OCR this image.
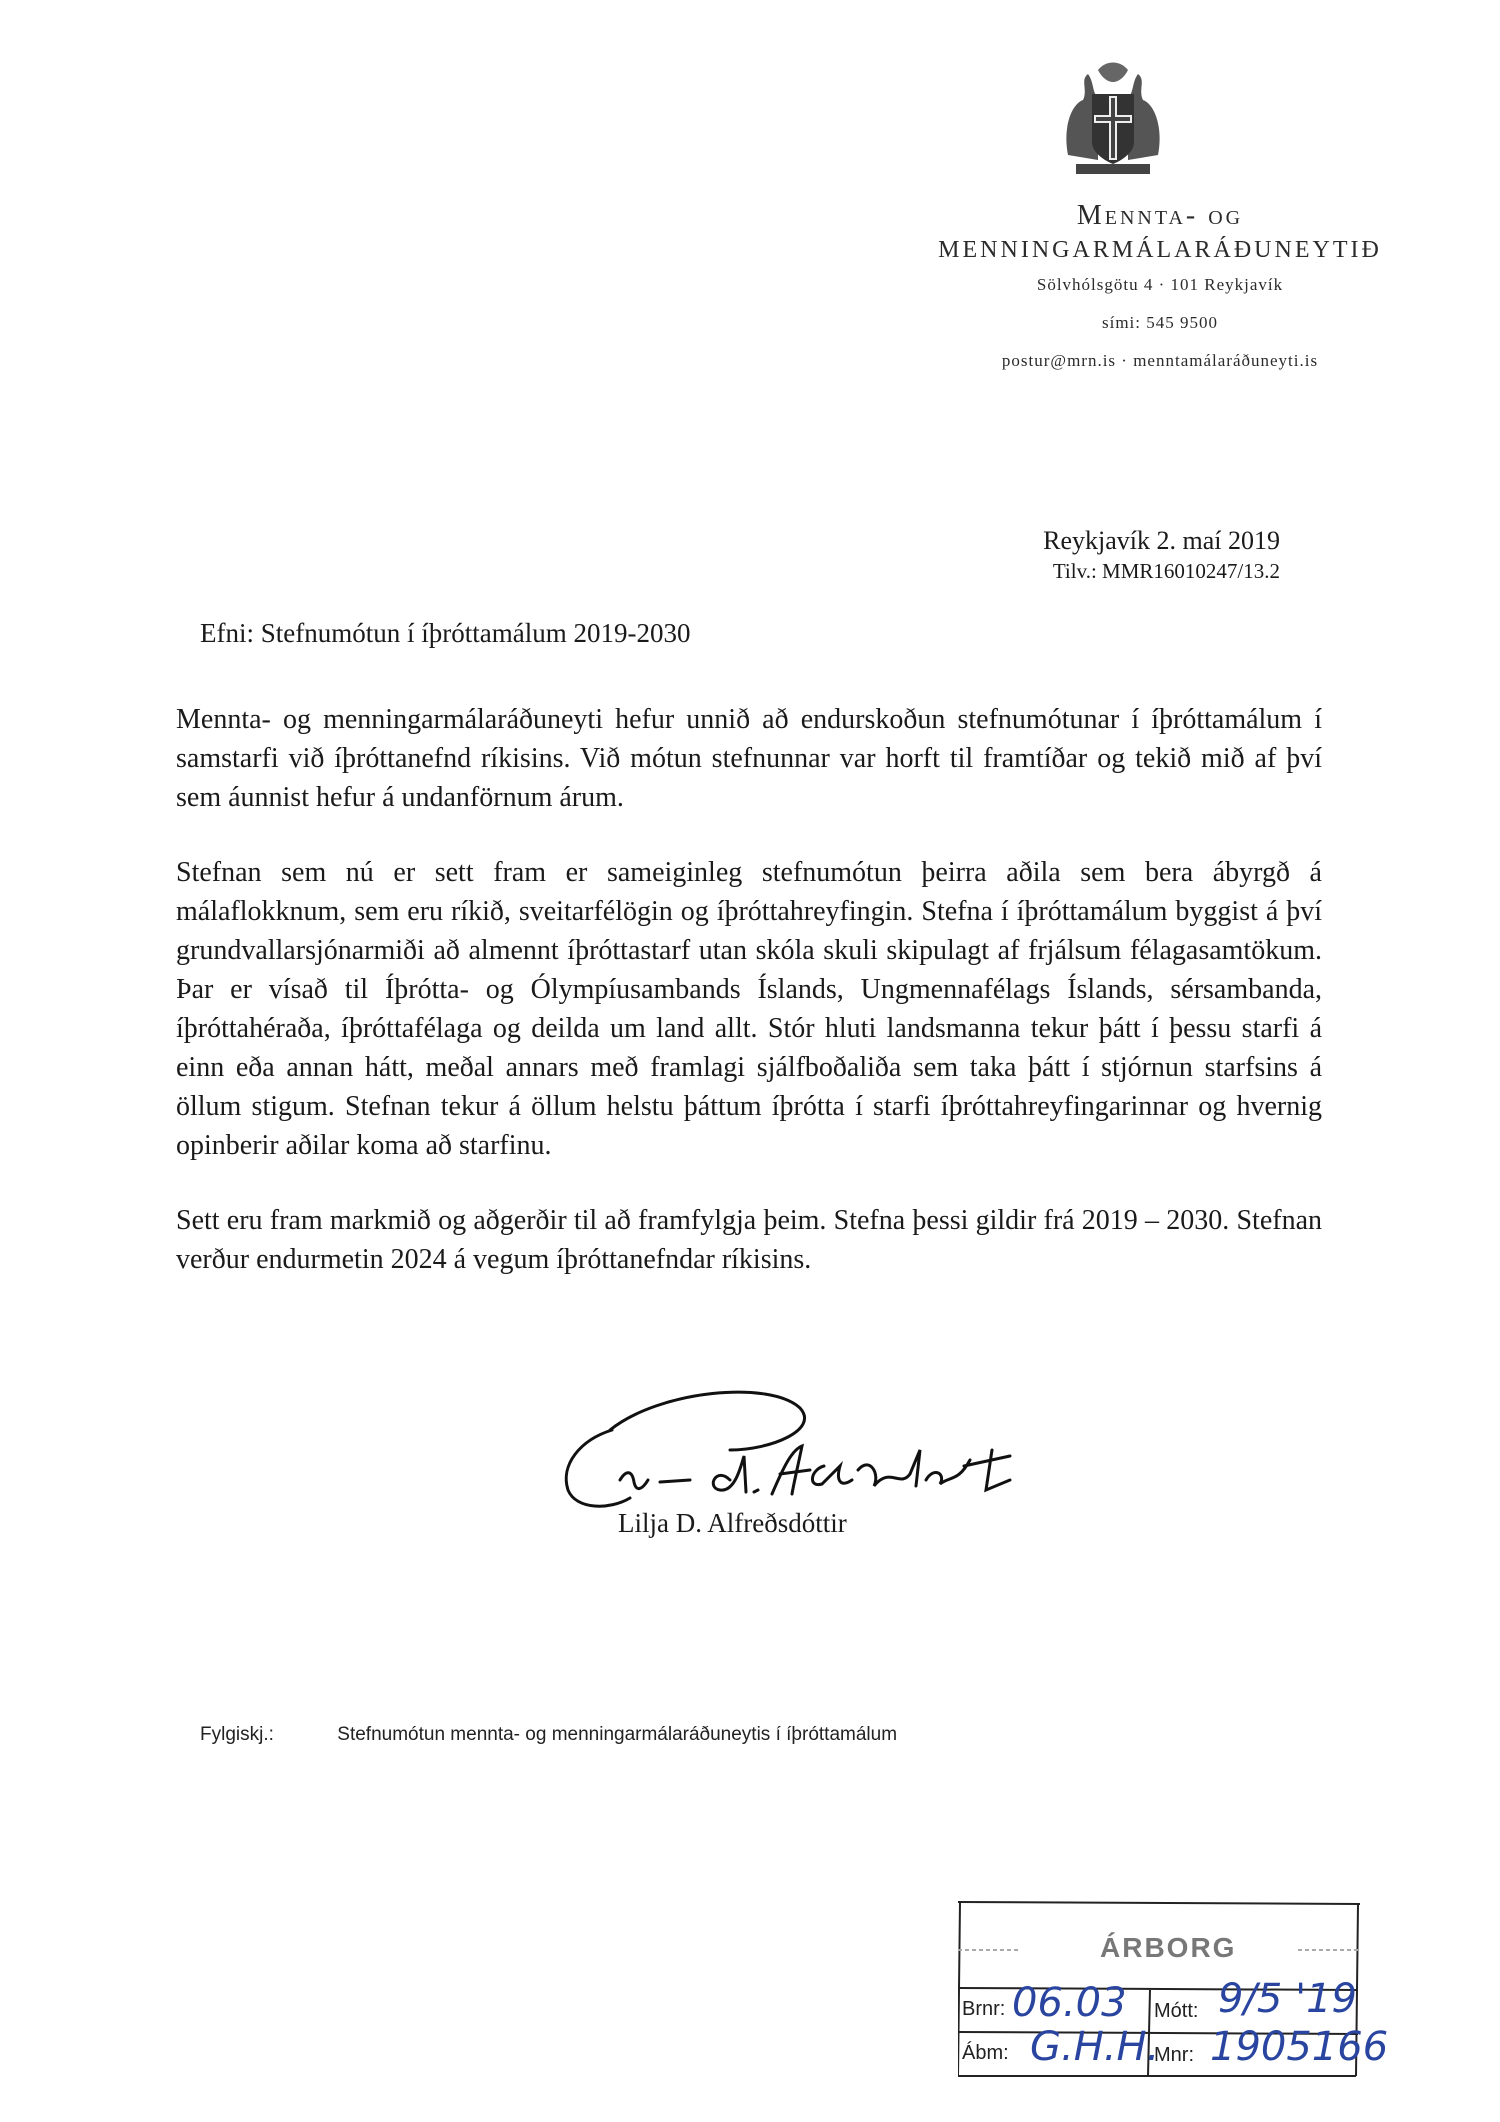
Mennta- og
MENNINGARMÁLARÁÐUNEYTIÐ
Sölvhólsgötu 4 · 101 Reykjavík
sími: 545 9500
postur@mrn.is · menntamálaráðuneyti.is
Reykjavík 2. maí 2019
Tilv.: MMR16010247/13.2
Efni: Stefnumótun í íþróttamálum 2019-2030

Mennta- og menningarmálaráðuneyti hefur unnið að endurskoðun stefnumótunar í íþróttamálum í samstarfi við íþróttanefnd ríkisins. Við mótun stefnunnar var horft til framtíðar og tekið mið af því sem áunnist hefur á undanförnum árum.

Stefnan sem nú er sett fram er sameiginleg stefnumótun þeirra aðila sem bera ábyrgð á málaflokknum, sem eru ríkið, sveitarfélögin og íþróttahreyfingin. Stefna í íþróttamálum byggist á því grundvallarsjónarmiði að almennt íþróttastarf utan skóla skuli skipulagt af frjálsum félagasamtökum. Þar er vísað til Íþrótta- og Ólympíusambands Íslands, Ungmennafélags Íslands, sérsambanda, íþróttahéraða, íþróttafélaga og deilda um land allt. Stór hluti landsmanna tekur þátt í þessu starfi á einn eða annan hátt, meðal annars með framlagi sjálfboðaliða sem taka þátt í stjórnun starfsins á öllum stigum. Stefnan tekur á öllum helstu þáttum íþrótta í starfi íþróttahreyfingarinnar og hvernig opinberir aðilar koma að starfinu.

Sett eru fram markmið og aðgerðir til að framfylgja þeim. Stefna þessi gildir frá 2019 – 2030. Stefnan verður endurmetin 2024 á vegum íþróttanefndar ríkisins.

Lilja D. Alfreðsdóttir
Fylgiskj.:	Stefnumótun mennta- og menningarmálaráðuneytis í íþróttamálum
ÁRBORG
Brnr: 06.03 Mótt: 9/5 '19
Ábm: G.H.H.
Mnr: 1905166
